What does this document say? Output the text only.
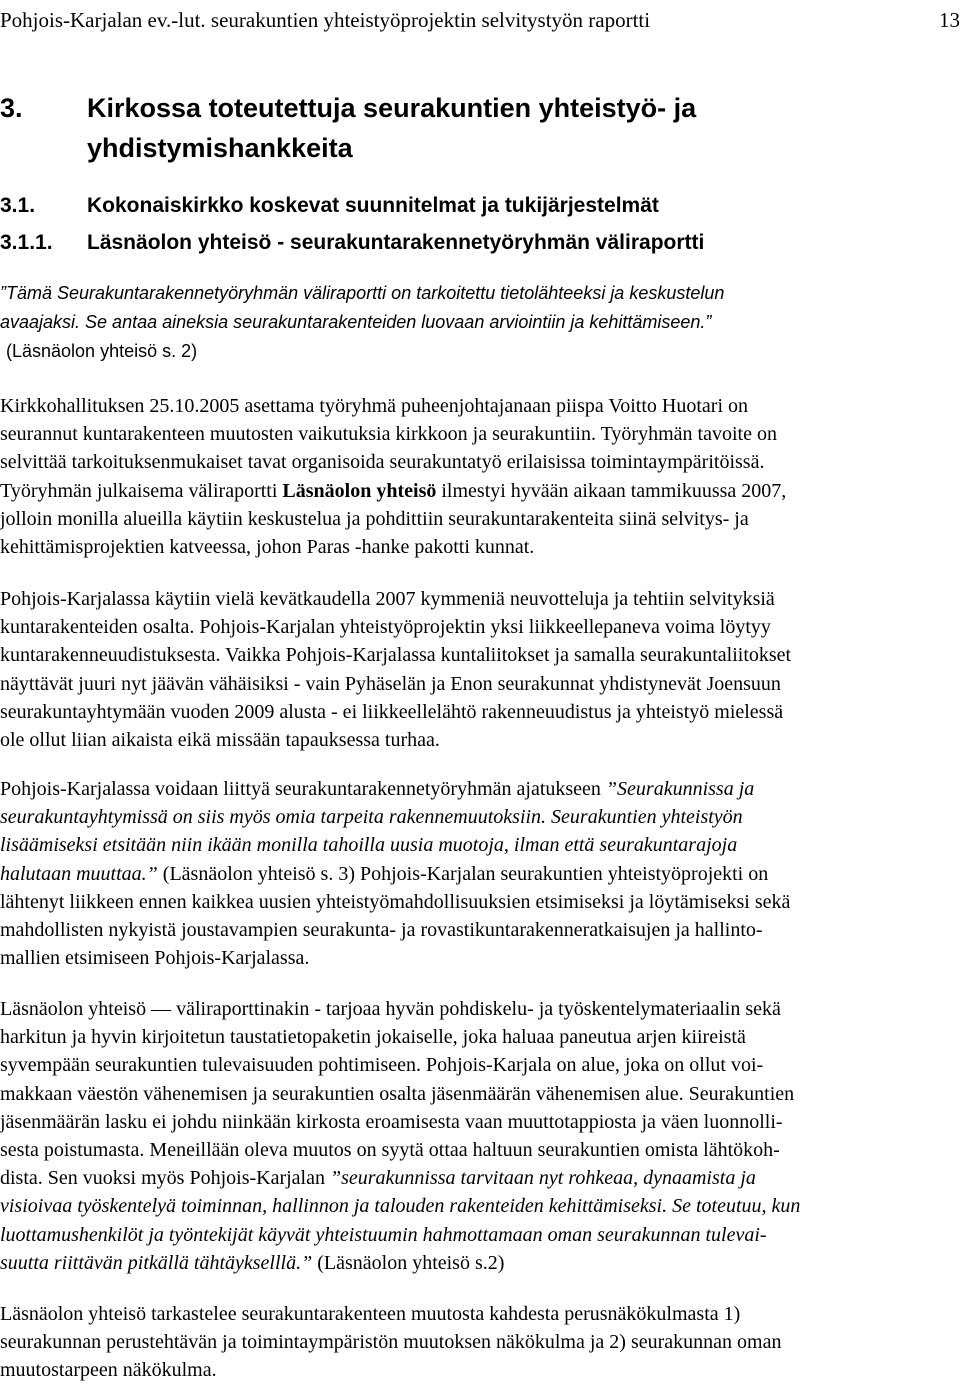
Pohjois-Karjalan ev.-lut. seurakuntien yhteistyöprojektin selvitystyön raportti	13
3. Kirkossa toteutettuja seurakuntien yhteistyö- ja
yhdistymishankkeita
3.1. Kokonaiskirkko koskevat suunnitelmat ja tukijärjestelmät
3.1.1. Läsnäolon yhteisö - seurakuntarakennetyöryhmän väliraportti
”Tämä Seurakuntarakennetyöryhmän väliraportti on tarkoitettu tietolähteeksi ja keskustelun
avaajaksi. Se antaa aineksia seurakuntarakenteiden luovaan arviointiin ja kehittämiseen.”
(Läsnäolon yhteisö s. 2)
Kirkkohallituksen 25.10.2005 asettama työryhmä puheenjohtajanaan piispa Voitto Huotari on
seurannut kuntarakenteen muutosten vaikutuksia kirkkoon ja seurakuntiin. Työryhmän tavoite on
selvittää tarkoituksenmukaiset tavat organisoida seurakuntatyö erilaisissa toimintaympäritöissä.
Työryhmän julkaisema väliraportti Läsnäolon yhteisö ilmestyi hyvään aikaan tammikuussa 2007,
jolloin monilla alueilla käytiin keskustelua ja pohdittiin seurakuntarakenteita siinä selvitys- ja
kehittämisprojektien katveessa, johon Paras -hanke pakotti kunnat.
Pohjois-Karjalassa käytiin vielä kevätkaudella 2007 kymmeniä neuvotteluja ja tehtiin selvityksiä
kuntarakenteiden osalta. Pohjois-Karjalan yhteistyöprojektin yksi liikkeellepaneva voima löytyy
kuntarakenneuudistuksesta. Vaikka Pohjois-Karjalassa kuntaliitokset ja samalla seurakuntaliitokset
näyttävät juuri nyt jäävän vähäisiksi - vain Pyhäselän ja Enon seurakunnat yhdistynevät Joensuun
seurakuntayhtymään vuoden 2009 alusta - ei liikkeellelähtö rakenneuudistus ja yhteistyö mielessä
ole ollut liian aikaista eikä missään tapauksessa turhaa.
Pohjois-Karjalassa voidaan liittyä seurakuntarakennetyöryhmän ajatukseen ”Seurakunnissa ja
seurakuntayhtymissä on siis myös omia tarpeita rakennemuutoksiin. Seurakuntien yhteistyön
lisäämiseksi etsitään niin ikään monilla tahoilla uusia muotoja, ilman että seurakuntarajoja
halutaan muuttaa.” (Läsnäolon yhteisö s. 3) Pohjois-Karjalan seurakuntien yhteistyöprojekti on
lähtenyt liikkeen ennen kaikkea uusien yhteistyömahdollisuuksien etsimiseksi ja löytämiseksi sekä
mahdollisten nykyistä joustavampien seurakunta- ja rovastikuntarakenneratkaisujen ja hallinto-
mallien etsimiseen Pohjois-Karjalassa.
Läsnäolon yhteisö — väliraporttinakin - tarjoaa hyvän pohdiskelu- ja työskentelymateriaalin sekä
harkitun ja hyvin kirjoitetun taustatietopaketin jokaiselle, joka haluaa paneutua arjen kiireistä
syvempään seurakuntien tulevaisuuden pohtimiseen. Pohjois-Karjala on alue, joka on ollut voi-
makkaan väestön vähenemisen ja seurakuntien osalta jäsenmäärän vähenemisen alue. Seurakuntien
jäsenmäärän lasku ei johdu niinkään kirkosta eroamisesta vaan muuttotappiosta ja väen luonnolli-
sesta poistumasta. Meneillään oleva muutos on syytä ottaa haltuun seurakuntien omista lähtökoh-
dista. Sen vuoksi myös Pohjois-Karjalan ”seurakunnissa tarvitaan nyt rohkeaa, dynaamista ja
visioivaa työskentelyä toiminnan, hallinnon ja talouden rakenteiden kehittämiseksi. Se toteutuu, kun
luottamushenkilöt ja työntekijät käyvät yhteistuumin hahmottamaan oman seurakunnan tulevai-
suutta riittävän pitkällä tähtäykselllä.” (Läsnäolon yhteisö s.2)
Läsnäolon yhteisö tarkastelee seurakuntarakenteen muutosta kahdesta perusnäkökulmasta 1)
seurakunnan perustehtävän ja toimintaympäristön muutoksen näkökulma ja 2) seurakunnan oman
muutostarpeen näkökulma.
